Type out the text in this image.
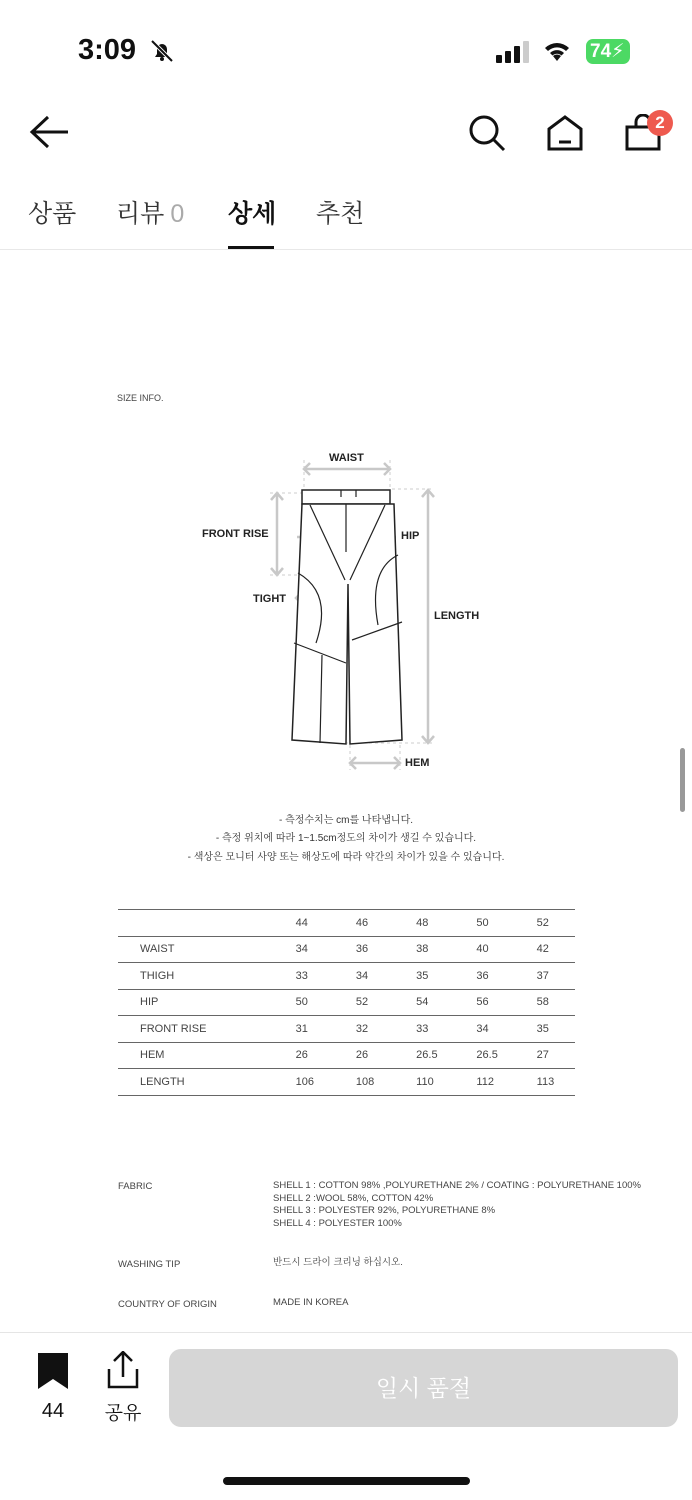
3:09	74⚡
2
상품 리뷰 0 상세 추천
SIZE INFO.
WAIST
FRONT RISE	HIP
TIGHT
LENGTH
HEM
- 측정수치는 cm를 나타냅니다.
- 측정 위치에 따라 1~1.5cm정도의 차이가 생길 수 있습니다.
- 색상은 모니터 사양 또는 해상도에 따라 약간의 차이가 있을 수 있습니다.
	44	46	48	50	52
WAIST	34	36	38	40	42
THIGH	33	34	35	36	37
HIP	50	52	54	56	58
FRONT RISE	31	32	33	34	35
HEM	26	26	26.5	26.5	27
LENGTH	106	108	110	112	113
FABRIC	SHELL 1 : COTTON 98% ,POLYURETHANE 2% / COATING : POLYURETHANE 100%
SHELL 2 :WOOL 58%, COTTON 42%
SHELL 3 : POLYESTER 92%, POLYURETHANE 8%
SHELL 4 : POLYESTER 100%
WASHING TIP	반드시 드라이 크리닝 하십시오.
COUNTRY OF ORIGIN	MADE IN KOREA
44	공유
일시 품절
